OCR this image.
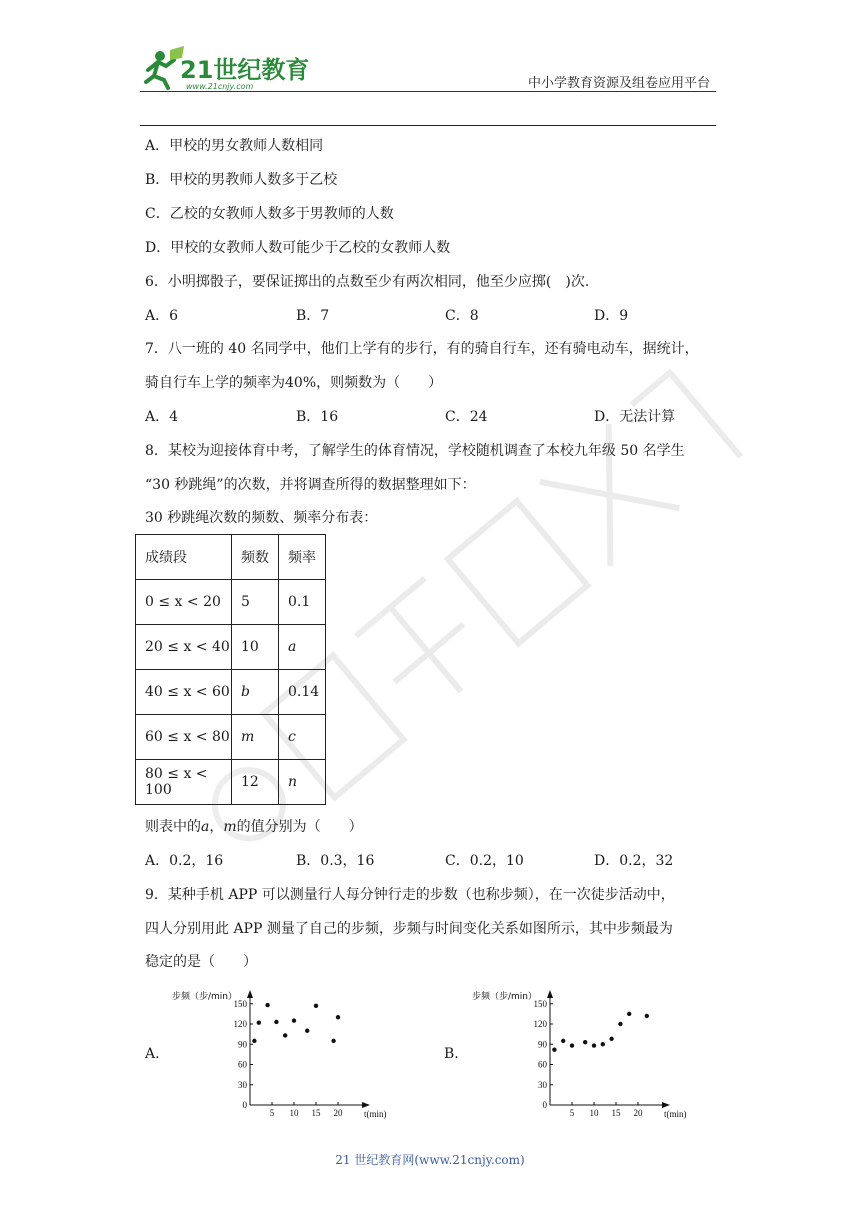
21世纪教育
www.21cnjy.com	中小学教育资源及组卷应用平台
A．甲校的男女教师人数相同
B．甲校的男教师人数多于乙校
C．乙校的女教师人数多于男教师的人数
D．甲校的女教师人数可能少于乙校的女教师人数
6．小明掷骰子，要保证掷出的点数至少有两次相同，他至少应掷(　)次．
A．6	B．7	C．8	D．9
7．八一班的 40 名同学中，他们上学有的步行，有的骑自行车，还有骑电动车，据统计，
骑自行车上学的频率为40%，则频数为（　　）
A．4	B．16	C．24	D．无法计算
8．某校为迎接体育中考，了解学生的体育情况，学校随机调查了本校九年级 50 名学生
“30 秒跳绳”的次数，并将调查所得的数据整理如下：
30 秒跳绳次数的频数、频率分布表：
成绩段	频数	频率
0 ≤ x < 20	5	0.1
20 ≤ x < 40	10	a
40 ≤ x < 60	b	0.14
60 ≤ x < 80	m	c
80 ≤ x < 100	12	n
则表中的a，m的值分别为（　　 ）
A．0.2，16	B．0.3，16	C．0.2，10	D．0.2，32
9．某种手机 APP 可以测量行人每分钟行走的步数（也称步频），在一次徒步活动中，
四人分别用此 APP 测量了自己的步频，步频与时间变化关系如图所示，其中步频最为
稳定的是（　　）
A.	B.
150
120
90
60
30
0
5 10 15 20
步频（步/min）
t(min)
150
120
90
60
30
0
5 10 15 20
步频（步/min）
t(min)
21 世纪教育网(www.21cnjy.com)
